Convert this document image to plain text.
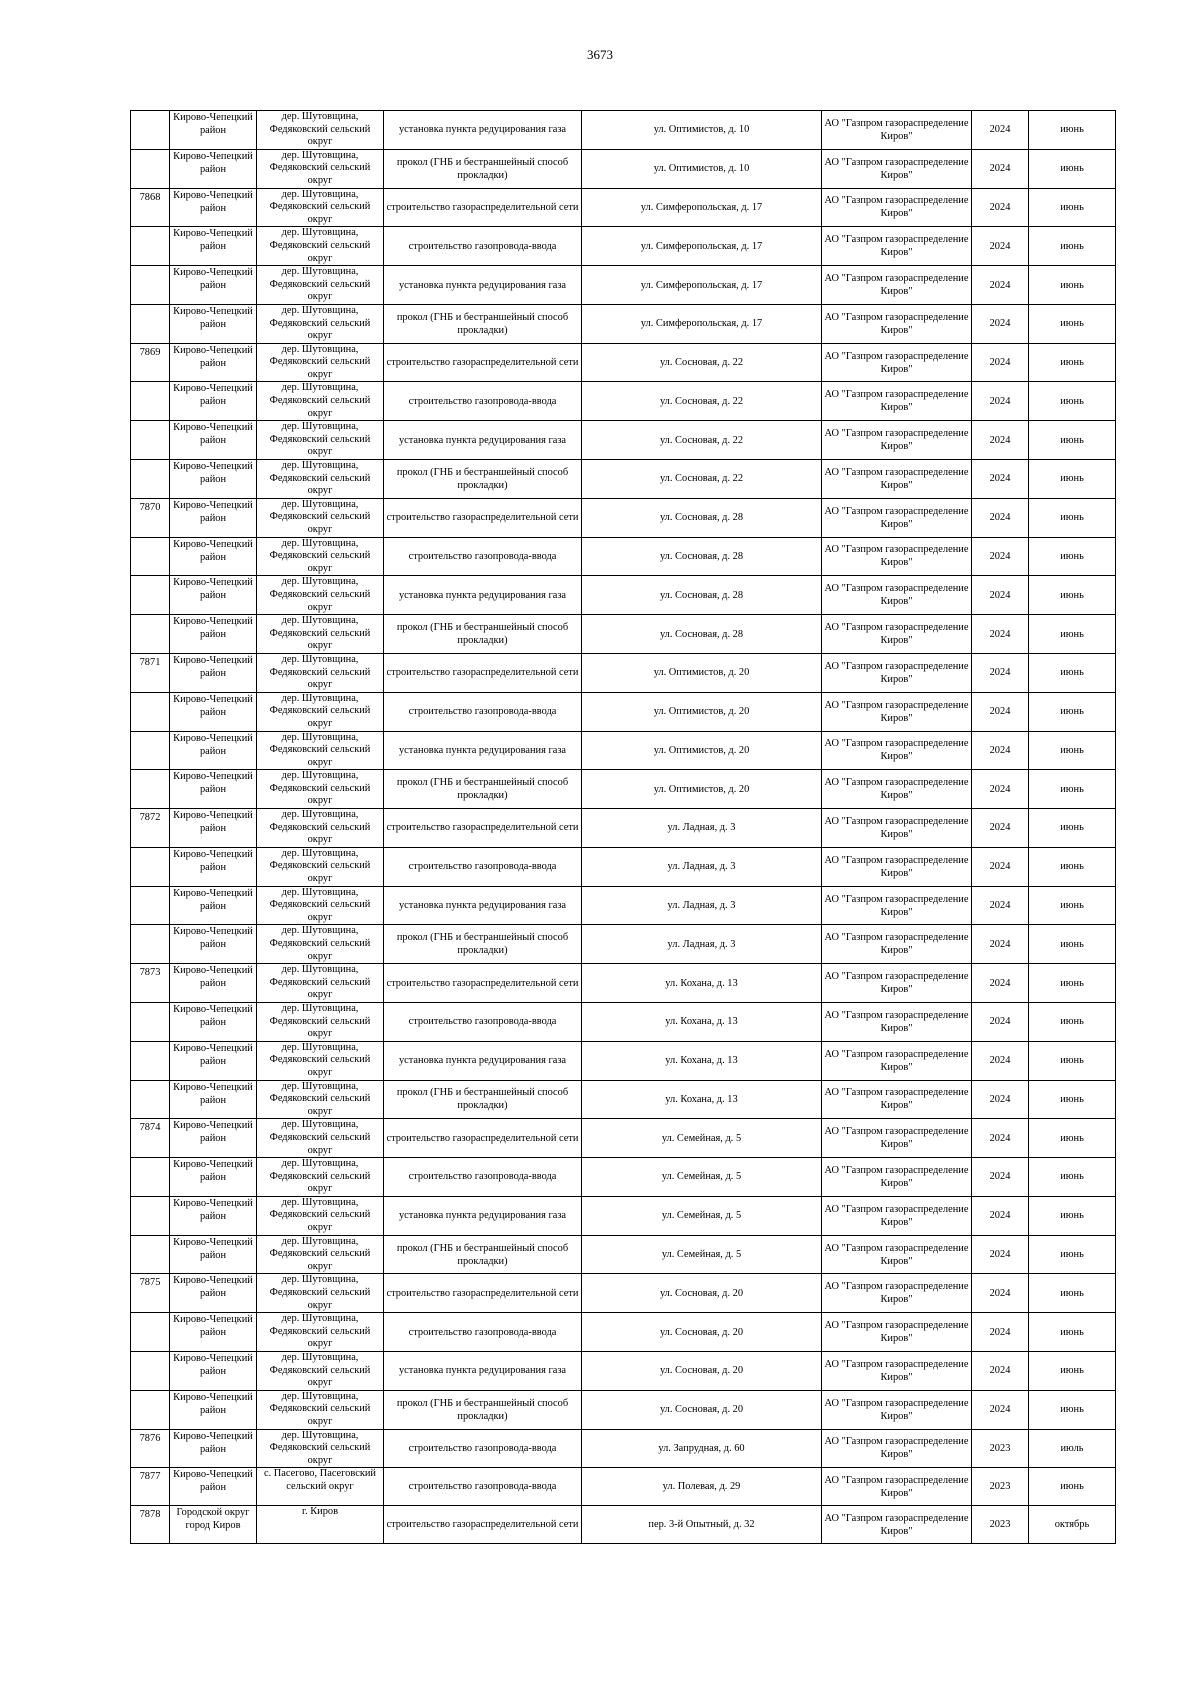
3673
	Кирово-Чепецкий район	дер. Шутовщина, Федяковский сельский округ	установка пункта редуцирования газа	ул. Оптимистов, д. 10	АО "Газпром газораспределение Киров"	2024	июнь
	Кирово-Чепецкий район	дер. Шутовщина, Федяковский сельский округ	прокол (ГНБ и бестраншейный способ прокладки)	ул. Оптимистов, д. 10	АО "Газпром газораспределение Киров"	2024	июнь
7868	Кирово-Чепецкий район	дер. Шутовщина, Федяковский сельский округ	строительство газораспределительной сети	ул. Симферопольская, д. 17	АО "Газпром газораспределение Киров"	2024	июнь
	Кирово-Чепецкий район	дер. Шутовщина, Федяковский сельский округ	строительство газопровода-ввода	ул. Симферопольская, д. 17	АО "Газпром газораспределение Киров"	2024	июнь
	Кирово-Чепецкий район	дер. Шутовщина, Федяковский сельский округ	установка пункта редуцирования газа	ул. Симферопольская, д. 17	АО "Газпром газораспределение Киров"	2024	июнь
	Кирово-Чепецкий район	дер. Шутовщина, Федяковский сельский округ	прокол (ГНБ и бестраншейный способ прокладки)	ул. Симферопольская, д. 17	АО "Газпром газораспределение Киров"	2024	июнь
7869	Кирово-Чепецкий район	дер. Шутовщина, Федяковский сельский округ	строительство газораспределительной сети	ул. Сосновая, д. 22	АО "Газпром газораспределение Киров"	2024	июнь
	Кирово-Чепецкий район	дер. Шутовщина, Федяковский сельский округ	строительство газопровода-ввода	ул. Сосновая, д. 22	АО "Газпром газораспределение Киров"	2024	июнь
	Кирово-Чепецкий район	дер. Шутовщина, Федяковский сельский округ	установка пункта редуцирования газа	ул. Сосновая, д. 22	АО "Газпром газораспределение Киров"	2024	июнь
	Кирово-Чепецкий район	дер. Шутовщина, Федяковский сельский округ	прокол (ГНБ и бестраншейный способ прокладки)	ул. Сосновая, д. 22	АО "Газпром газораспределение Киров"	2024	июнь
7870	Кирово-Чепецкий район	дер. Шутовщина, Федяковский сельский округ	строительство газораспределительной сети	ул. Сосновая, д. 28	АО "Газпром газораспределение Киров"	2024	июнь
	Кирово-Чепецкий район	дер. Шутовщина, Федяковский сельский округ	строительство газопровода-ввода	ул. Сосновая, д. 28	АО "Газпром газораспределение Киров"	2024	июнь
	Кирово-Чепецкий район	дер. Шутовщина, Федяковский сельский округ	установка пункта редуцирования газа	ул. Сосновая, д. 28	АО "Газпром газораспределение Киров"	2024	июнь
	Кирово-Чепецкий район	дер. Шутовщина, Федяковский сельский округ	прокол (ГНБ и бестраншейный способ прокладки)	ул. Сосновая, д. 28	АО "Газпром газораспределение Киров"	2024	июнь
7871	Кирово-Чепецкий район	дер. Шутовщина, Федяковский сельский округ	строительство газораспределительной сети	ул. Оптимистов, д. 20	АО "Газпром газораспределение Киров"	2024	июнь
	Кирово-Чепецкий район	дер. Шутовщина, Федяковский сельский округ	строительство газопровода-ввода	ул. Оптимистов, д. 20	АО "Газпром газораспределение Киров"	2024	июнь
	Кирово-Чепецкий район	дер. Шутовщина, Федяковский сельский округ	установка пункта редуцирования газа	ул. Оптимистов, д. 20	АО "Газпром газораспределение Киров"	2024	июнь
	Кирово-Чепецкий район	дер. Шутовщина, Федяковский сельский округ	прокол (ГНБ и бестраншейный способ прокладки)	ул. Оптимистов, д. 20	АО "Газпром газораспределение Киров"	2024	июнь
7872	Кирово-Чепецкий район	дер. Шутовщина, Федяковский сельский округ	строительство газораспределительной сети	ул. Ладная, д. 3	АО "Газпром газораспределение Киров"	2024	июнь
	Кирово-Чепецкий район	дер. Шутовщина, Федяковский сельский округ	строительство газопровода-ввода	ул. Ладная, д. 3	АО "Газпром газораспределение Киров"	2024	июнь
	Кирово-Чепецкий район	дер. Шутовщина, Федяковский сельский округ	установка пункта редуцирования газа	ул. Ладная, д. 3	АО "Газпром газораспределение Киров"	2024	июнь
	Кирово-Чепецкий район	дер. Шутовщина, Федяковский сельский округ	прокол (ГНБ и бестраншейный способ прокладки)	ул. Ладная, д. 3	АО "Газпром газораспределение Киров"	2024	июнь
7873	Кирово-Чепецкий район	дер. Шутовщина, Федяковский сельский округ	строительство газораспределительной сети	ул. Кохана, д. 13	АО "Газпром газораспределение Киров"	2024	июнь
	Кирово-Чепецкий район	дер. Шутовщина, Федяковский сельский округ	строительство газопровода-ввода	ул. Кохана, д. 13	АО "Газпром газораспределение Киров"	2024	июнь
	Кирово-Чепецкий район	дер. Шутовщина, Федяковский сельский округ	установка пункта редуцирования газа	ул. Кохана, д. 13	АО "Газпром газораспределение Киров"	2024	июнь
	Кирово-Чепецкий район	дер. Шутовщина, Федяковский сельский округ	прокол (ГНБ и бестраншейный способ прокладки)	ул. Кохана, д. 13	АО "Газпром газораспределение Киров"	2024	июнь
7874	Кирово-Чепецкий район	дер. Шутовщина, Федяковский сельский округ	строительство газораспределительной сети	ул. Семейная, д. 5	АО "Газпром газораспределение Киров"	2024	июнь
	Кирово-Чепецкий район	дер. Шутовщина, Федяковский сельский округ	строительство газопровода-ввода	ул. Семейная, д. 5	АО "Газпром газораспределение Киров"	2024	июнь
	Кирово-Чепецкий район	дер. Шутовщина, Федяковский сельский округ	установка пункта редуцирования газа	ул. Семейная, д. 5	АО "Газпром газораспределение Киров"	2024	июнь
	Кирово-Чепецкий район	дер. Шутовщина, Федяковский сельский округ	прокол (ГНБ и бестраншейный способ прокладки)	ул. Семейная, д. 5	АО "Газпром газораспределение Киров"	2024	июнь
7875	Кирово-Чепецкий район	дер. Шутовщина, Федяковский сельский округ	строительство газораспределительной сети	ул. Сосновая, д. 20	АО "Газпром газораспределение Киров"	2024	июнь
	Кирово-Чепецкий район	дер. Шутовщина, Федяковский сельский округ	строительство газопровода-ввода	ул. Сосновая, д. 20	АО "Газпром газораспределение Киров"	2024	июнь
	Кирово-Чепецкий район	дер. Шутовщина, Федяковский сельский округ	установка пункта редуцирования газа	ул. Сосновая, д. 20	АО "Газпром газораспределение Киров"	2024	июнь
	Кирово-Чепецкий район	дер. Шутовщина, Федяковский сельский округ	прокол (ГНБ и бестраншейный способ прокладки)	ул. Сосновая, д. 20	АО "Газпром газораспределение Киров"	2024	июнь
7876	Кирово-Чепецкий район	дер. Шутовщина, Федяковский сельский округ	строительство газопровода-ввода	ул. Запрудная, д. 60	АО "Газпром газораспределение Киров"	2023	июль
7877	Кирово-Чепецкий район	с. Пасегово, Пасеговский сельский округ	строительство газопровода-ввода	ул. Полевая, д. 29	АО "Газпром газораспределение Киров"	2023	июнь
7878	Городской округ город Киров	г. Киров	строительство газораспределительной сети	пер. 3-й Опытный, д. 32	АО "Газпром газораспределение Киров"	2023	октябрь
